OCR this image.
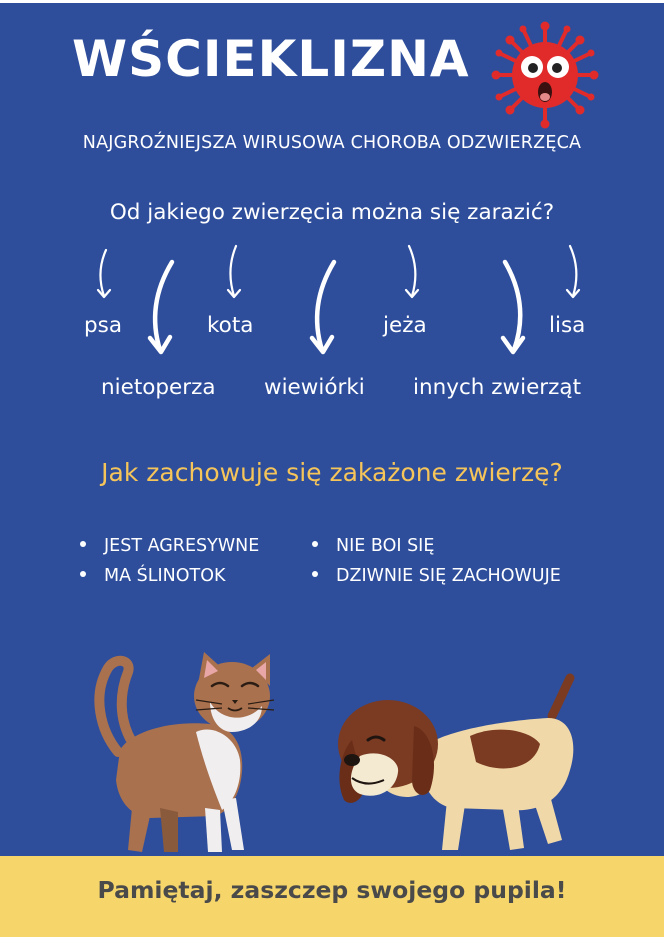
WŚCIEKLIZNA
NAJGROŹNIEJSZA WIRUSOWA CHOROBA ODZWIERZĘCA
Od jakiego zwierzęcia można się zarazić?
psa	kota	jeża	lisa
nietoperza wiewiórki innych zwierząt
Jak zachowuje się zakażone zwierzę?
JEST AGRESYWNE
MA ŚLINOTOK
NIE BOI SIĘ
DZIWNIE SIĘ ZACHOWUJE
Pamiętaj, zaszczep swojego pupila!
